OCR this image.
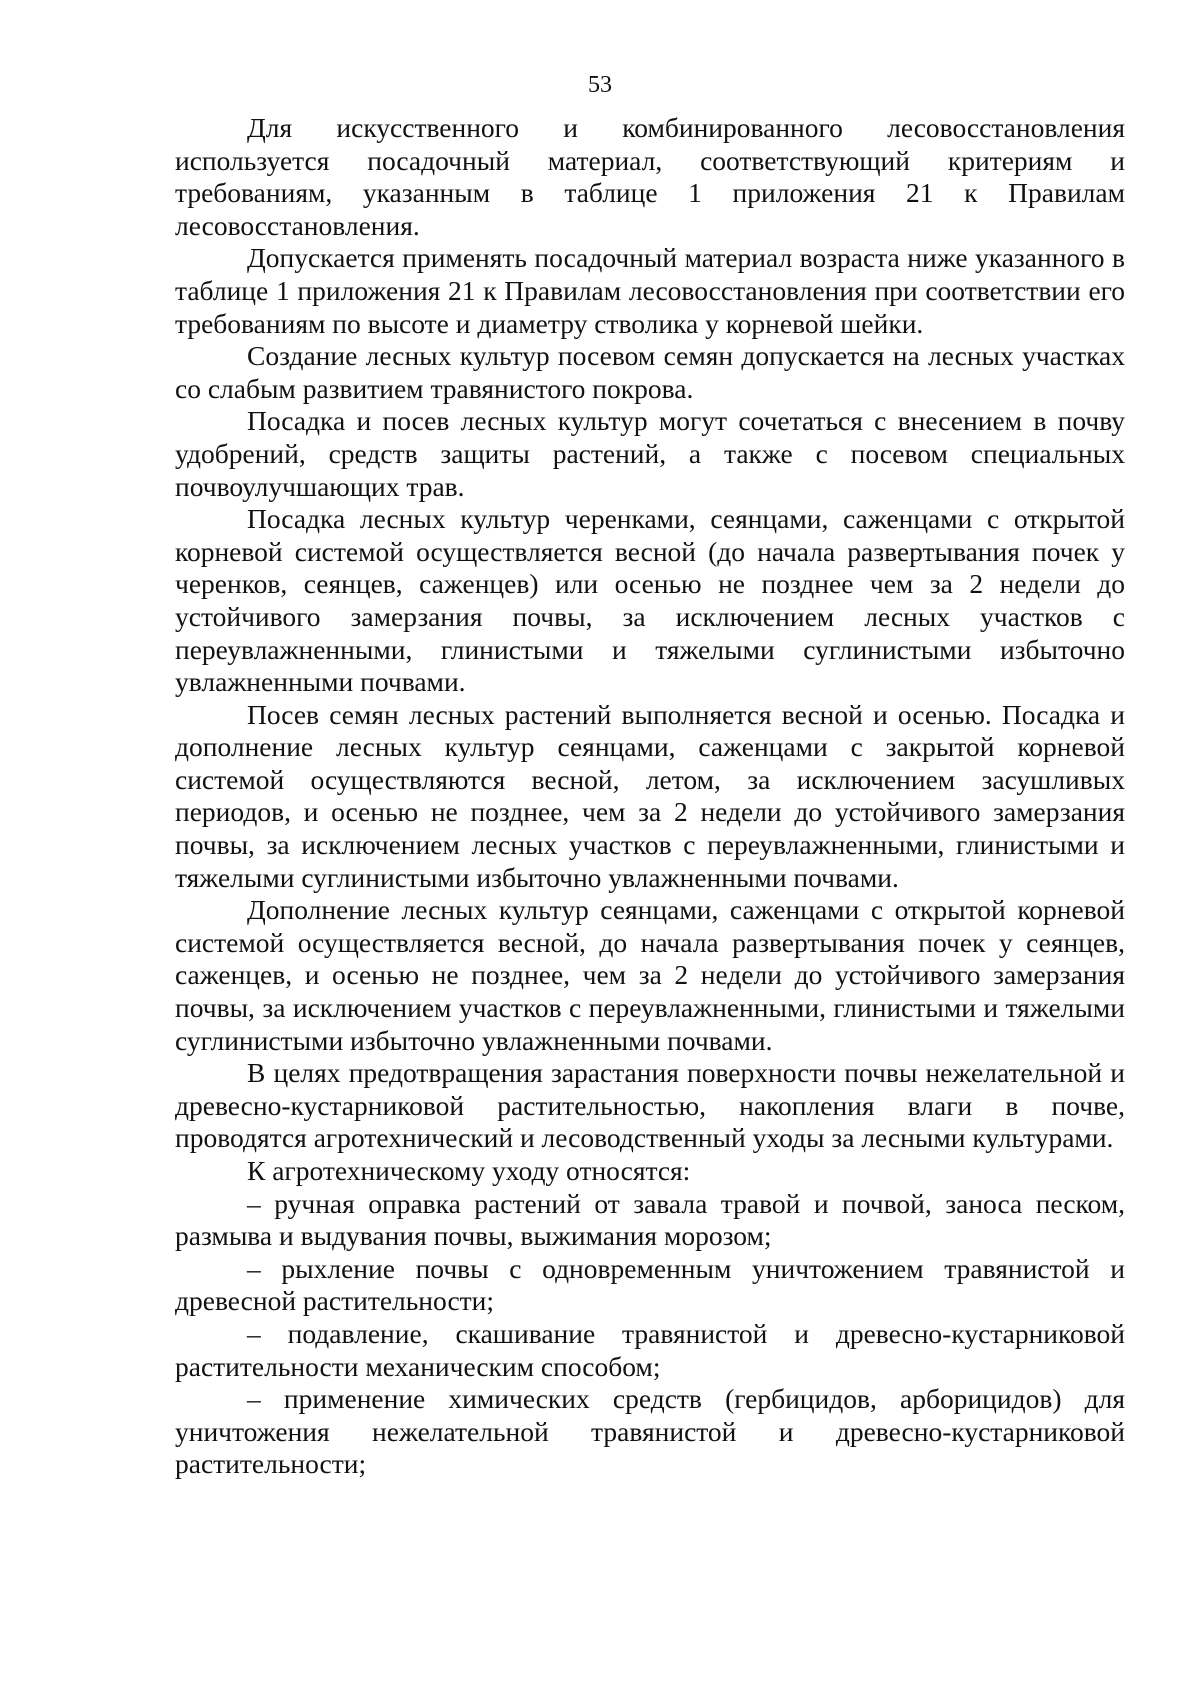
53

Для искусственного и комбинированного лесовосстановления используется посадочный материал, соответствующий критериям и требованиям, указанным в таблице 1 приложения 21 к Правилам лесовосстановления.

Допускается применять посадочный материал возраста ниже указанного в таблице 1 приложения 21 к Правилам лесовосстановления при соответствии его требованиям по высоте и диаметру стволика у корневой шейки.

Создание лесных культур посевом семян допускается на лесных участках со слабым развитием травянистого покрова.

Посадка и посев лесных культур могут сочетаться с внесением в почву удобрений, средств защиты растений, а также с посевом специальных почвоулучшающих трав.

Посадка лесных культур черенками, сеянцами, саженцами с открытой корневой системой осуществляется весной (до начала развертывания почек у черенков, сеянцев, саженцев) или осенью не позднее чем за 2 недели до устойчивого замерзания почвы, за исключением лесных участков с переувлажненными, глинистыми и тяжелыми суглинистыми избыточно увлажненными почвами.

Посев семян лесных растений выполняется весной и осенью. Посадка и дополнение лесных культур сеянцами, саженцами с закрытой корневой системой осуществляются весной, летом, за исключением засушливых периодов, и осенью не позднее, чем за 2 недели до устойчивого замерзания почвы, за исключением лесных участков с переувлажненными, глинистыми и тяжелыми суглинистыми избыточно увлажненными почвами.

Дополнение лесных культур сеянцами, саженцами с открытой корневой системой осуществляется весной, до начала развертывания почек у сеянцев, саженцев, и осенью не позднее, чем за 2 недели до устойчивого замерзания почвы, за исключением участков с переувлажненными, глинистыми и тяжелыми суглинистыми избыточно увлажненными почвами.

В целях предотвращения зарастания поверхности почвы нежелательной и древесно-кустарниковой растительностью, накопления влаги в почве, проводятся агротехнический и лесоводственный уходы за лесными культурами.

К агротехническому уходу относятся:

– ручная оправка растений от завала травой и почвой, заноса песком, размыва и выдувания почвы, выжимания морозом;

– рыхление почвы с одновременным уничтожением травянистой и древесной растительности;

– подавление, скашивание травянистой и древесно-кустарниковой растительности механическим способом;

– применение химических средств (гербицидов, арборицидов) для уничтожения нежелательной травянистой и древесно-кустарниковой растительности;
